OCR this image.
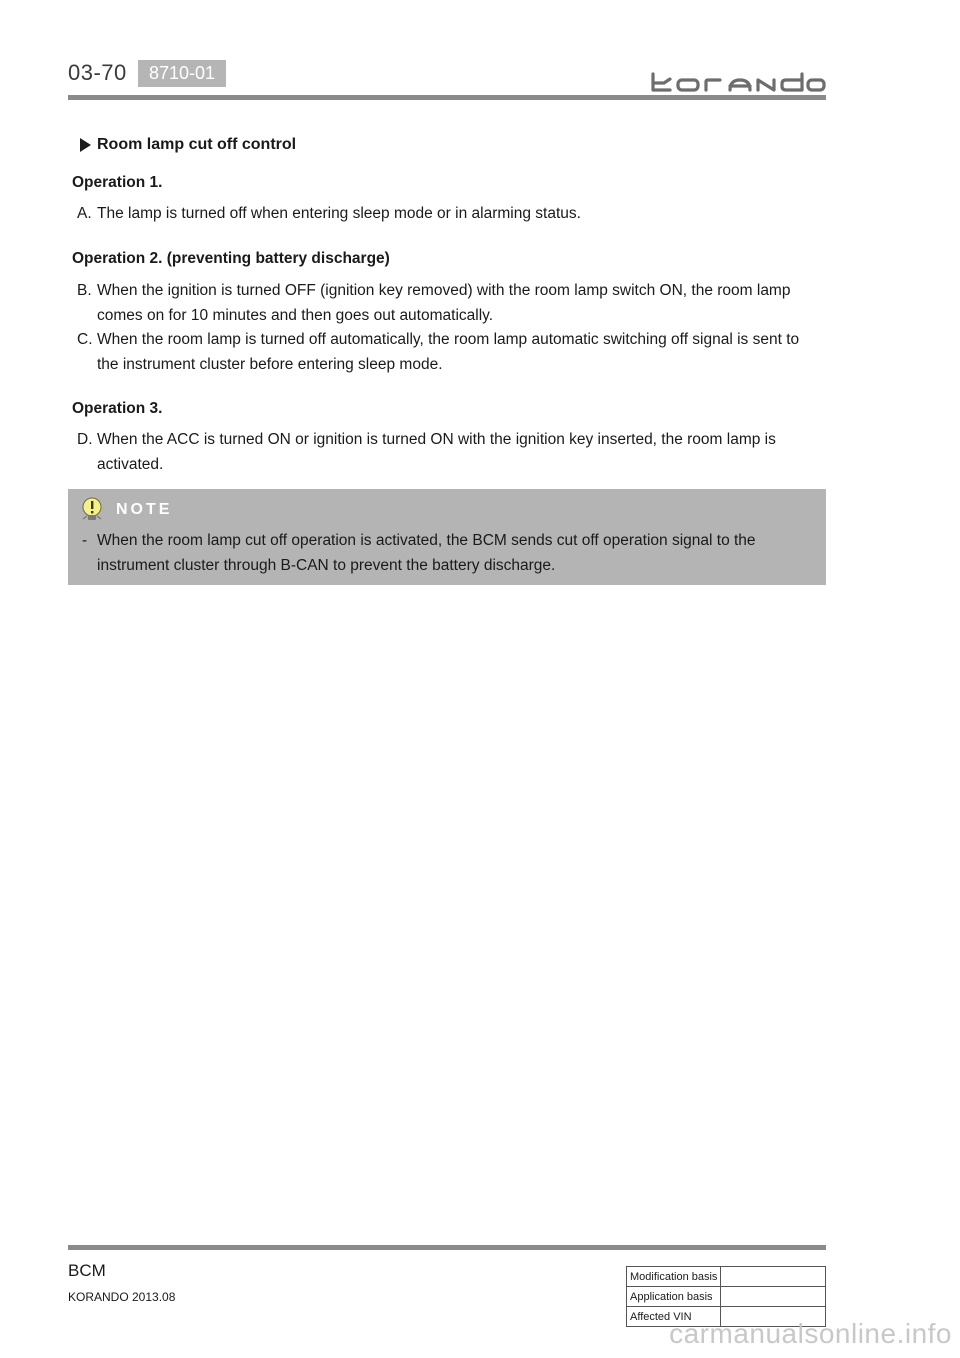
03-70	8710-01
Room lamp cut off control
Operation 1.
A. The lamp is turned off when entering sleep mode or in alarming status.
Operation 2. (preventing battery discharge)
B. When the ignition is turned OFF (ignition key removed) with the room lamp switch ON, the room lamp comes on for 10 minutes and then goes out automatically.
C. When the room lamp is turned off automatically, the room lamp automatic switching off signal is sent to the instrument cluster before entering sleep mode.
Operation 3.
D. When the ACC is turned ON or ignition is turned ON with the ignition key inserted, the room lamp is activated.
NOTE
- When the room lamp cut off operation is activated, the BCM sends cut off operation signal to the instrument cluster through B-CAN to prevent the battery discharge.
BCM
KORANDO 2013.08
Modification basis	
Application basis	
Affected VIN	
carmanualsonline.info
